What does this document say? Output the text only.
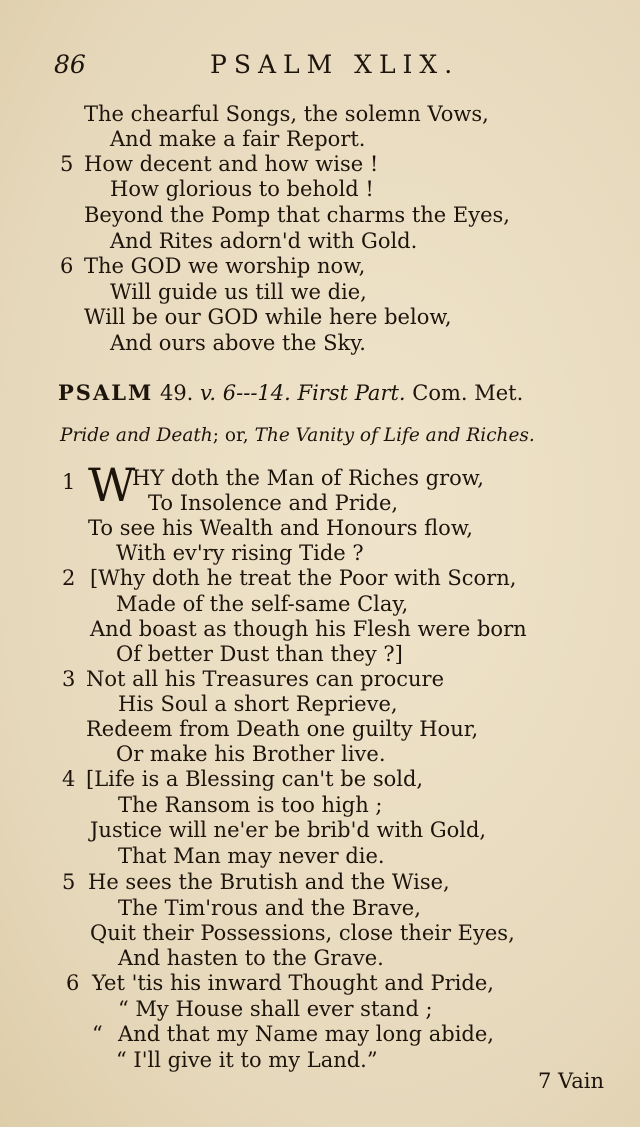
86	PSALM XLIX.
The chearful Songs, the solemn Vows,
And make a fair Report.
5 How decent and how wise !
How glorious to behold !
Beyond the Pomp that charms the Eyes,
And Rites adorn'd with Gold.
6 The GOD we worship now,
Will guide us till we die,
Will be our GOD while here below,
And ours above the Sky.
PSALM 49. v. 6---14. First Part. Com. Met.
Pride and Death; or, The Vanity of Life and Riches.
1 W
HY doth the Man of Riches grow,
To Insolence and Pride,
To see his Wealth and Honours flow,
With ev'ry rising Tide ?
2 [Why doth he treat the Poor with Scorn,
Made of the self-same Clay,
And boast as though his Flesh were born
Of better Dust than they ?]
3 Not all his Treasures can procure
His Soul a short Reprieve,
Redeem from Death one guilty Hour,
Or make his Brother live.
4 [Life is a Blessing can't be sold,
The Ransom is too high ;
Justice will ne'er be brib'd with Gold,
That Man may never die.
5 He sees the Brutish and the Wise,
The Tim'rous and the Brave,
Quit their Possessions, close their Eyes,
And hasten to the Grave.
6 Yet 'tis his inward Thought and Pride,
“ My House shall ever stand ;
“ And that my Name may long abide,
“ I'll give it to my Land.”
7 Vain
